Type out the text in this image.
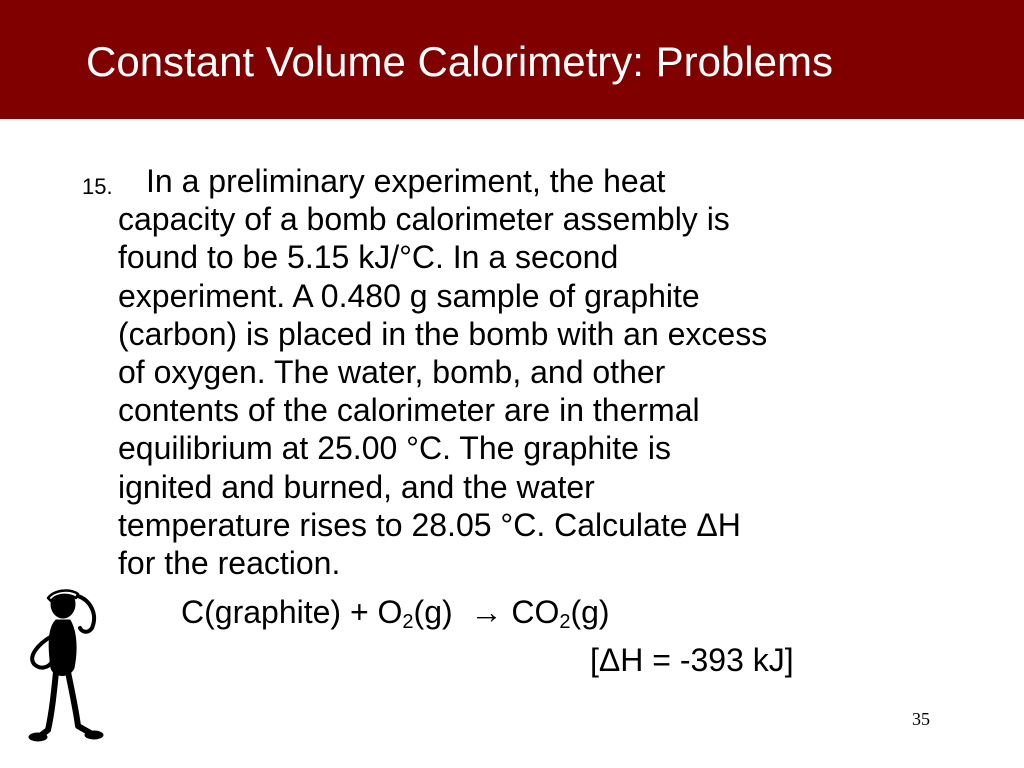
Constant Volume Calorimetry: Problems
15.	In a preliminary experiment, the heat
capacity of a bomb calorimeter assembly is
found to be 5.15 kJ/°C. In a second
experiment. A 0.480 g sample of graphite
(carbon) is placed in the bomb with an excess
of oxygen. The water, bomb, and other
contents of the calorimeter are in thermal
equilibrium at 25.00 °C. The graphite is
ignited and burned, and the water
temperature rises to 28.05 °C. Calculate ΔH
for the reaction.
C(graphite) + $O_2(g) \to CO_2(g)$
[ΔH = -393 kJ]
35
